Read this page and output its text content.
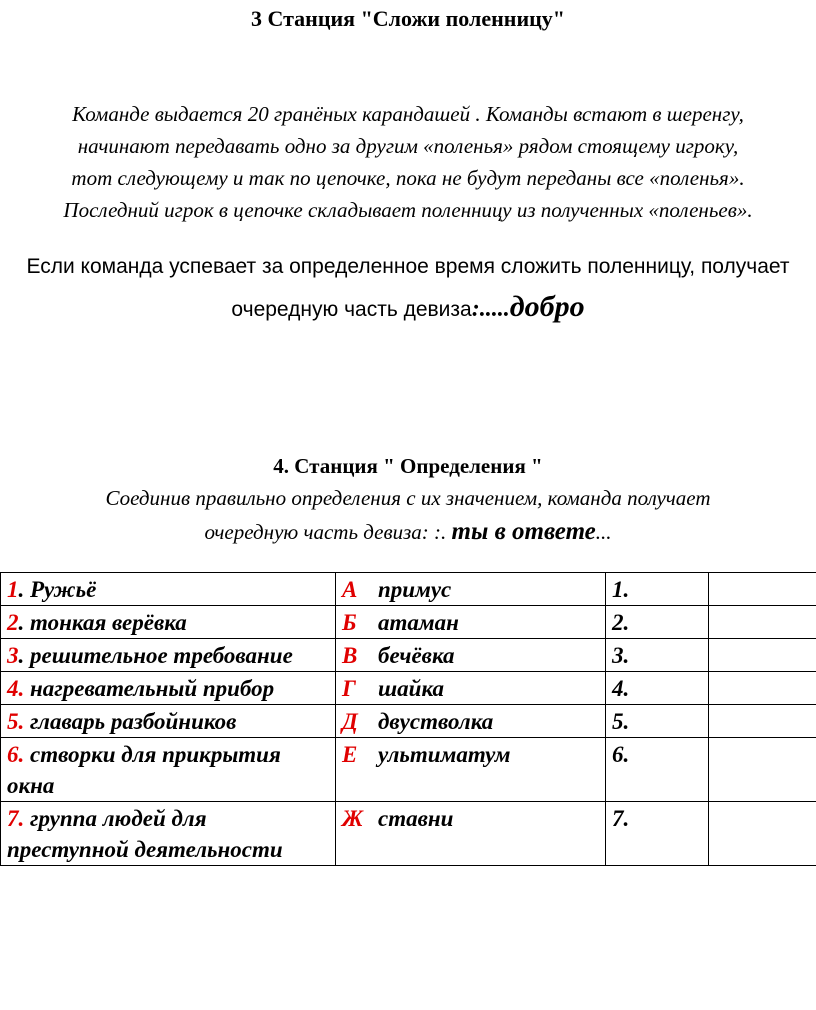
3 Станция "Сложи поленницу"
Команде выдается 20 гранёных карандашей . Команды встают в шеренгу,
начинают передавать одно за другим «поленья» рядом стоящему игроку,
тот следующему и так по цепочке, пока не будут переданы все «поленья».
Последний игрок в цепочке складывает поленницу из полученных «поленьев».
Если команда успевает за определенное время сложить поленницу, получает
очередную часть девиза:.....добро
4. Станция " Определения "
Соединив правильно определения с их значением, команда получает
очередную часть девиза: :. ты в ответе...
1. Ружьё	А примус	1.	
2. тонкая верёвка	Б атаман	2.	
3. решительное требование	В бечёвка	3.	
4. нагревательный прибор	Г шайка	4.	
5. главарь разбойников	Д двустволка	5.	
6. створки для прикрытия окна	Е ультиматум	6.	
7. группа людей для преступной деятельности	Ж ставни	7.	
